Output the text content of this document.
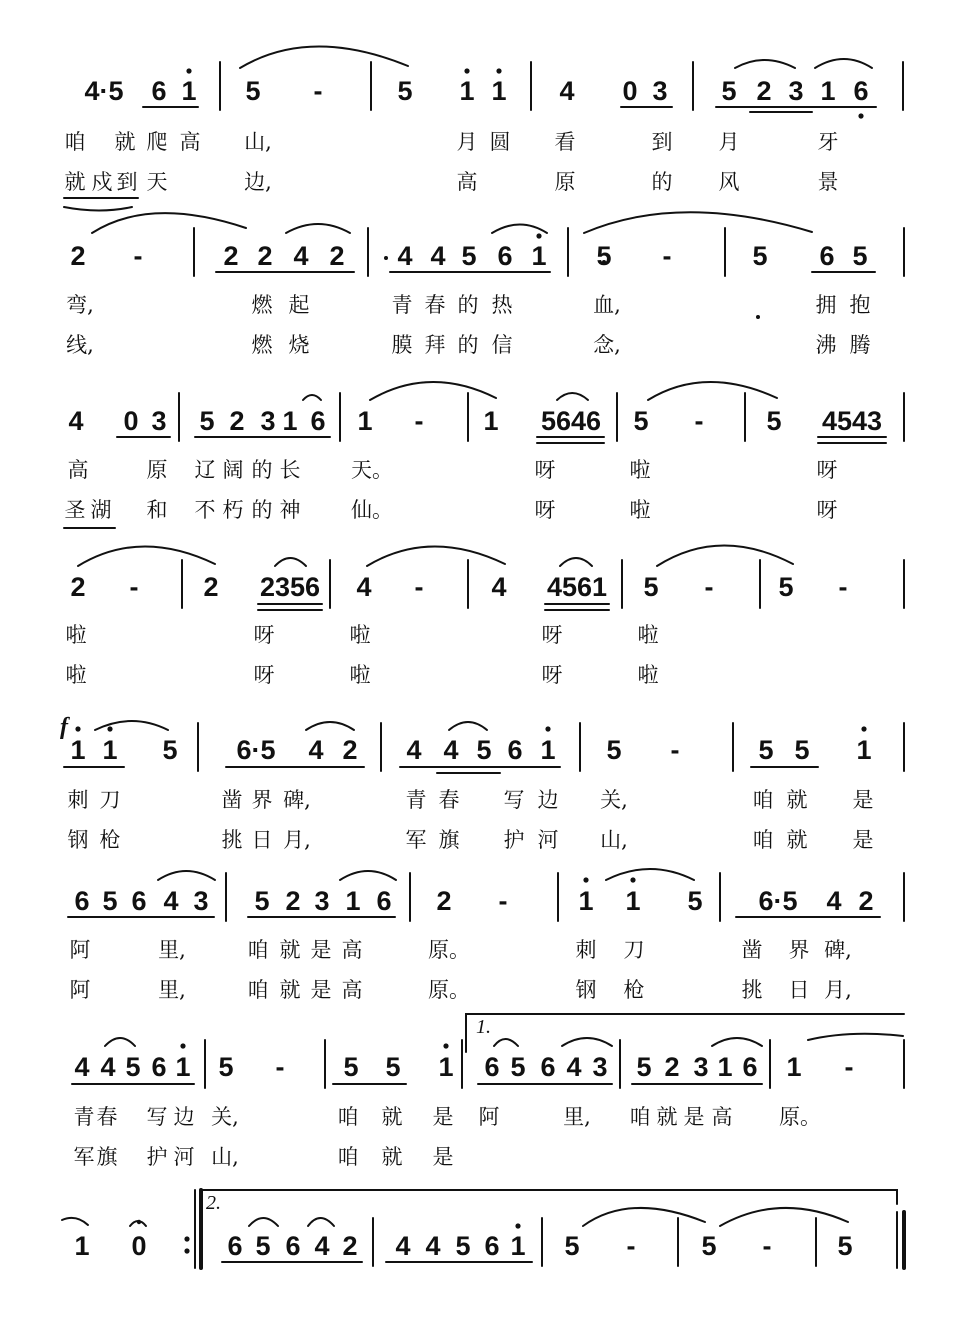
4·5 6 1 5 -	5 1 1 4 0 3 5 2 3 1 6
咱 就 爬 高 山,	月 圆 看	到 月	牙
就 戍 到 天	边,	高	原	的 风	景
2 -	2 2 4 2 4 4 5 6 1 5 -	5 6 5
弯,	燃 起	青 春 的 热	血,	拥 抱
线,	燃 烧	膜 拜 的 信	念,	沸 腾
4 0 3 5 2 3 1 6 1 - 1 5646 5 - 5 4543
高	原 辽 阔 的 长 天。	呀	啦	呀
圣 湖 和 不 朽 的 神 仙。	呀	啦	呀
2 - 2 2356 4 -	4 4561 5 - 5 -
啦	呀	啦	呀	啦
啦	呀	啦	呀	啦
1 1 5 6·5 4 2 4 4 5 6 1 5 -	5 5 1
刺 刀	凿 界 碑,	青 春 写 边 关,	咱 就 是
钢 枪	挑 日 月,	军 旗 护 河 山,	咱 就 是
6 5 6 4 3 5 2 3 1 6 2 -	1 1 5 6·5 4 2
阿	里,	咱 就 是 高	原。	刺 刀	凿 界 碑,
阿	里,	咱 就 是 高	原。	钢 枪	挑 日 月,
4 4 5 6 1 5 - 5 5 1 6 5 6 4 3 5 2 3 1 6 1 -
青 春 写 边 关,	咱 就 是 阿	里, 咱 就 是 高 原。
军 旗 护 河 山,	咱 就 是
1 0	6 5 6 4 2 4 4 5 6 1 5 - 5 - 5
f
1.
2.
